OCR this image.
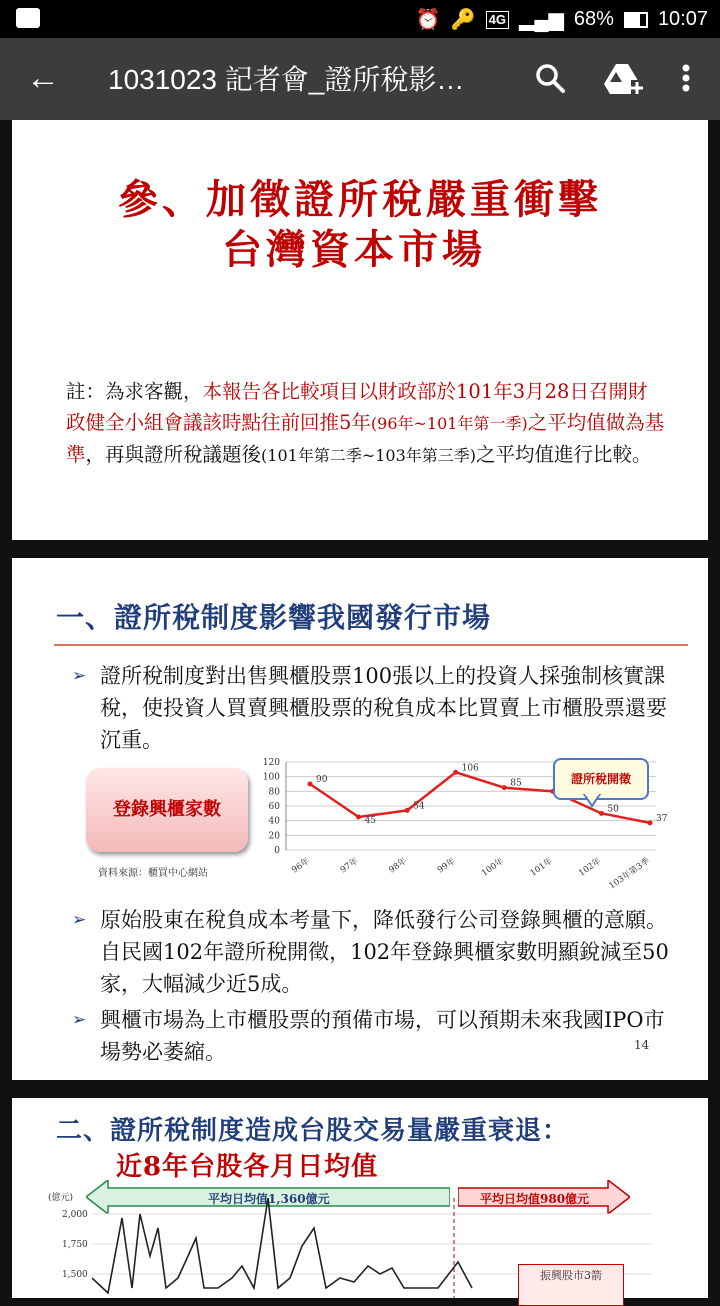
⏰ 🔑 4G ▂▄▆ 68% 10:07
← 1031023 記者會_證所稅影…
參、加徵證所稅嚴重衝擊
台灣資本市場
註：為求客觀，本報告各比較項目以財政部於101年3月28日召開財政健全小組會議該時點往前回推5年(96年~101年第一季)之平均值做為基準，再與證所稅議題後(101年第二季~103年第三季)之平均值進行比較。
一、證所稅制度影響我國發行市場
➢ 證所稅制度對出售興櫃股票100張以上的投資人採強制核實課稅，使投資人買賣興櫃股票的稅負成本比買賣上市櫃股票還要沉重。
登錄興櫃家數
資料來源：櫃買中心網站
0
20
40
60
80
100
120
90
45
54
106
85
50
37
96年	97年	98年	99年	100年	101年	102年 103年第3季
證所稅開徵
➢ 原始股東在稅負成本考量下，降低發行公司登錄興櫃的意願。自民國102年證所稅開徵，102年登錄興櫃家數明顯銳減至50家，大幅減少近5成。
➢ 興櫃市場為上市櫃股票的預備市場，可以預期未來我國IPO市場勢必萎縮。	14
二、證所稅制度造成台股交易量嚴重衰退：
近8年台股各月日均值
(億元)	平均日均值1,360億元	平均日均值980億元
2,000
1,750
1,500	振興股市3箭
